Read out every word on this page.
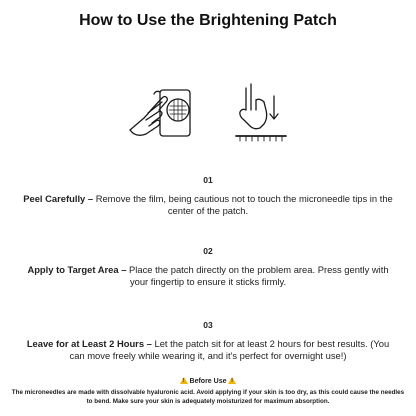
How to Use the Brightening Patch
01
Peel Carefully – Remove the film, being cautious not to touch the microneedle tips in the center of the patch.
02
Apply to Target Area – Place the patch directly on the problem area. Press gently with your fingertip to ensure it sticks firmly.
03
Leave for at Least 2 Hours – Let the patch sit for at least 2 hours for best results. (You can move freely while wearing it, and it's perfect for overnight use!)
! Before Use !
The microneedles are made with dissolvable hyaluronic acid. Avoid applying if your skin is too dry, as this could cause the needles to bend. Make sure your skin is adequately moisturized for maximum absorption.
